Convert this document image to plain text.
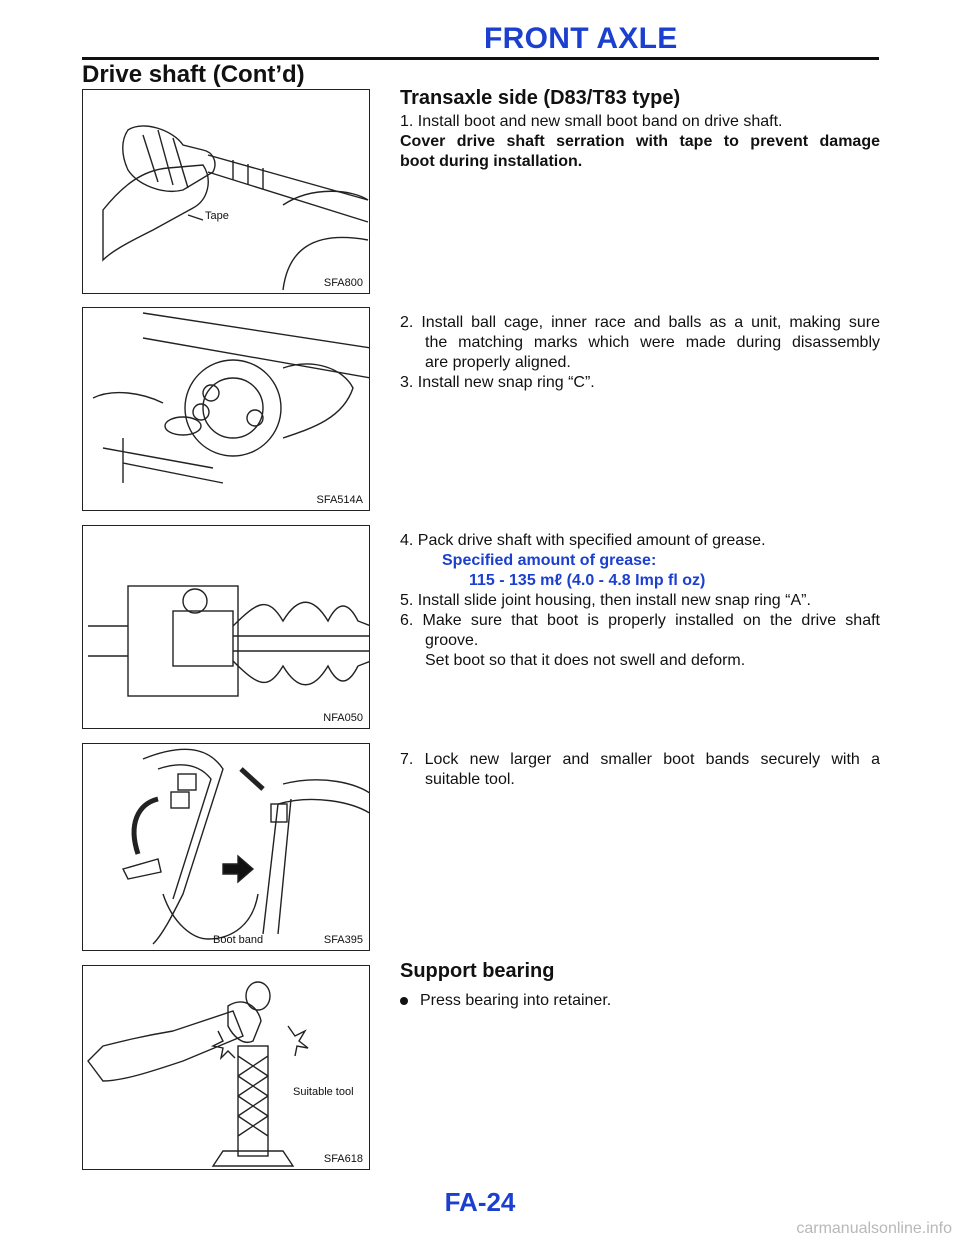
FRONT AXLE
Drive shaft (Cont’d)
Tape
SFA800
SFA514A
NFA050
Boot band	SFA395
Suitable tool
SFA618

Transaxle side (D83/T83 type)

1. Install boot and new small boot band on drive shaft.

Cover drive shaft serration with tape to prevent damage

boot during installation.

2. Install ball cage, inner race and balls as a unit, making sure

the matching marks which were made during disassembly

are properly aligned.

3. Install new snap ring “C”.

4. Pack drive shaft with specified amount of grease.

Specified amount of grease:

115 - 135 mℓ (4.0 - 4.8 Imp fl oz)

5. Install slide joint housing, then install new snap ring “A”.

6. Make sure that boot is properly installed on the drive shaft

groove.

Set boot so that it does not swell and deform.

7. Lock new larger and smaller boot bands securely with a

suitable tool.

Support bearing

Press bearing into retainer.

FA-24
carmanualsonline.info
